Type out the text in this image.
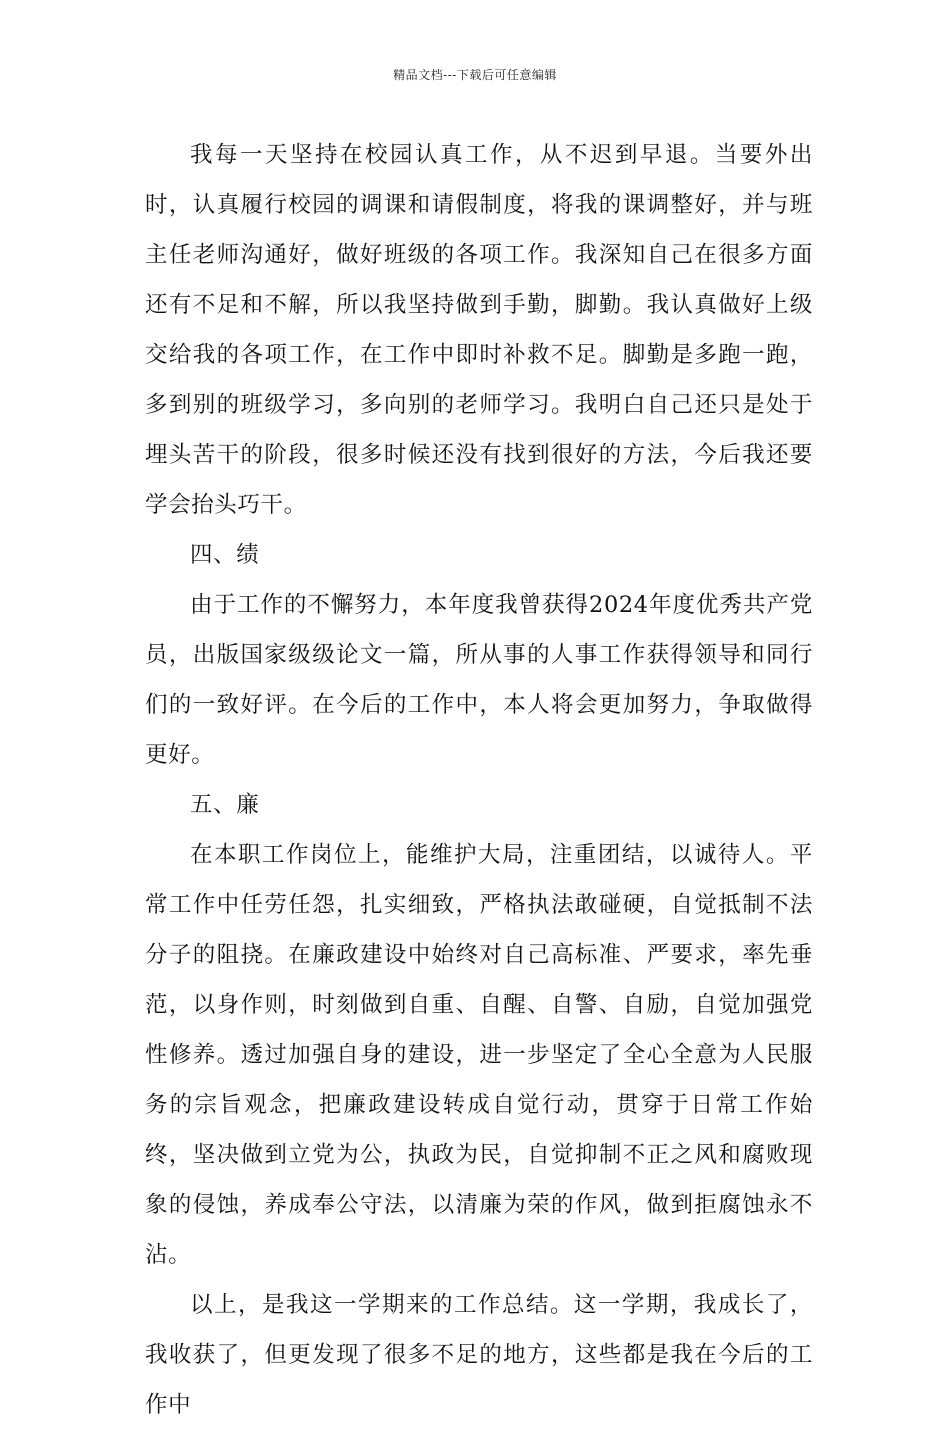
精品文档---下载后可任意编辑

我每一天坚持在校园认真工作，从不迟到早退。当要外出时，认真履行校园的调课和请假制度，将我的课调整好，并与班主任老师沟通好，做好班级的各项工作。我深知自己在很多方面还有不足和不解，所以我坚持做到手勤，脚勤。我认真做好上级交给我的各项工作，在工作中即时补救不足。脚勤是多跑一跑，多到别的班级学习，多向别的老师学习。我明白自己还只是处于埋头苦干的阶段，很多时候还没有找到很好的方法，今后我还要学会抬头巧干。

四、绩

由于工作的不懈努力，本年度我曾获得2024年度优秀共产党员，出版国家级级论文一篇，所从事的人事工作获得领导和同行们的一致好评。在今后的工作中，本人将会更加努力，争取做得更好。

五、廉

在本职工作岗位上，能维护大局，注重团结，以诚待人。平常工作中任劳任怨，扎实细致，严格执法敢碰硬，自觉抵制不法分子的阻挠。在廉政建设中始终对自己高标准、严要求，率先垂范，以身作则，时刻做到自重、自醒、自警、自励，自觉加强党性修养。透过加强自身的建设，进一步坚定了全心全意为人民服务的宗旨观念，把廉政建设转成自觉行动，贯穿于日常工作始终，坚决做到立党为公，执政为民，自觉抑制不正之风和腐败现象的侵蚀，养成奉公守法，以清廉为荣的作风，做到拒腐蚀永不沾。

以上，是我这一学期来的工作总结。这一学期，我成长了，我收获了，但更发现了很多不足的地方，这些都是我在今后的工作中
